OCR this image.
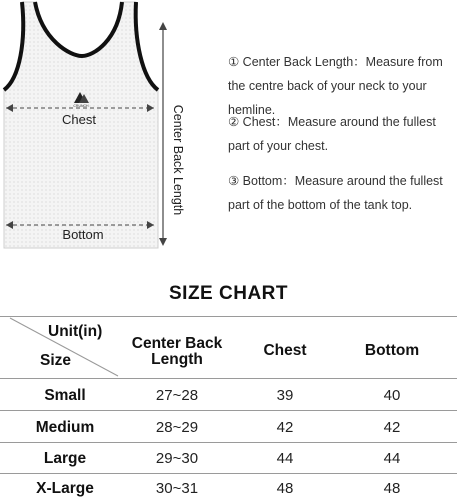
CRUNCH
Chest
Bottom
Center Back Length
① Center Back Length：Measure from the centre back of your neck to your hemline.
② Chest：Measure around the fullest part of your chest.
③ Bottom：Measure around the fullest part of the bottom of the tank top.
SIZE CHART
Unit(in)
Size
Center Back Length
Chest	Bottom
Small	27~28	39	40
Medium	28~29	42	42
Large	29~30	44	44
X-Large	30~31	48	48
